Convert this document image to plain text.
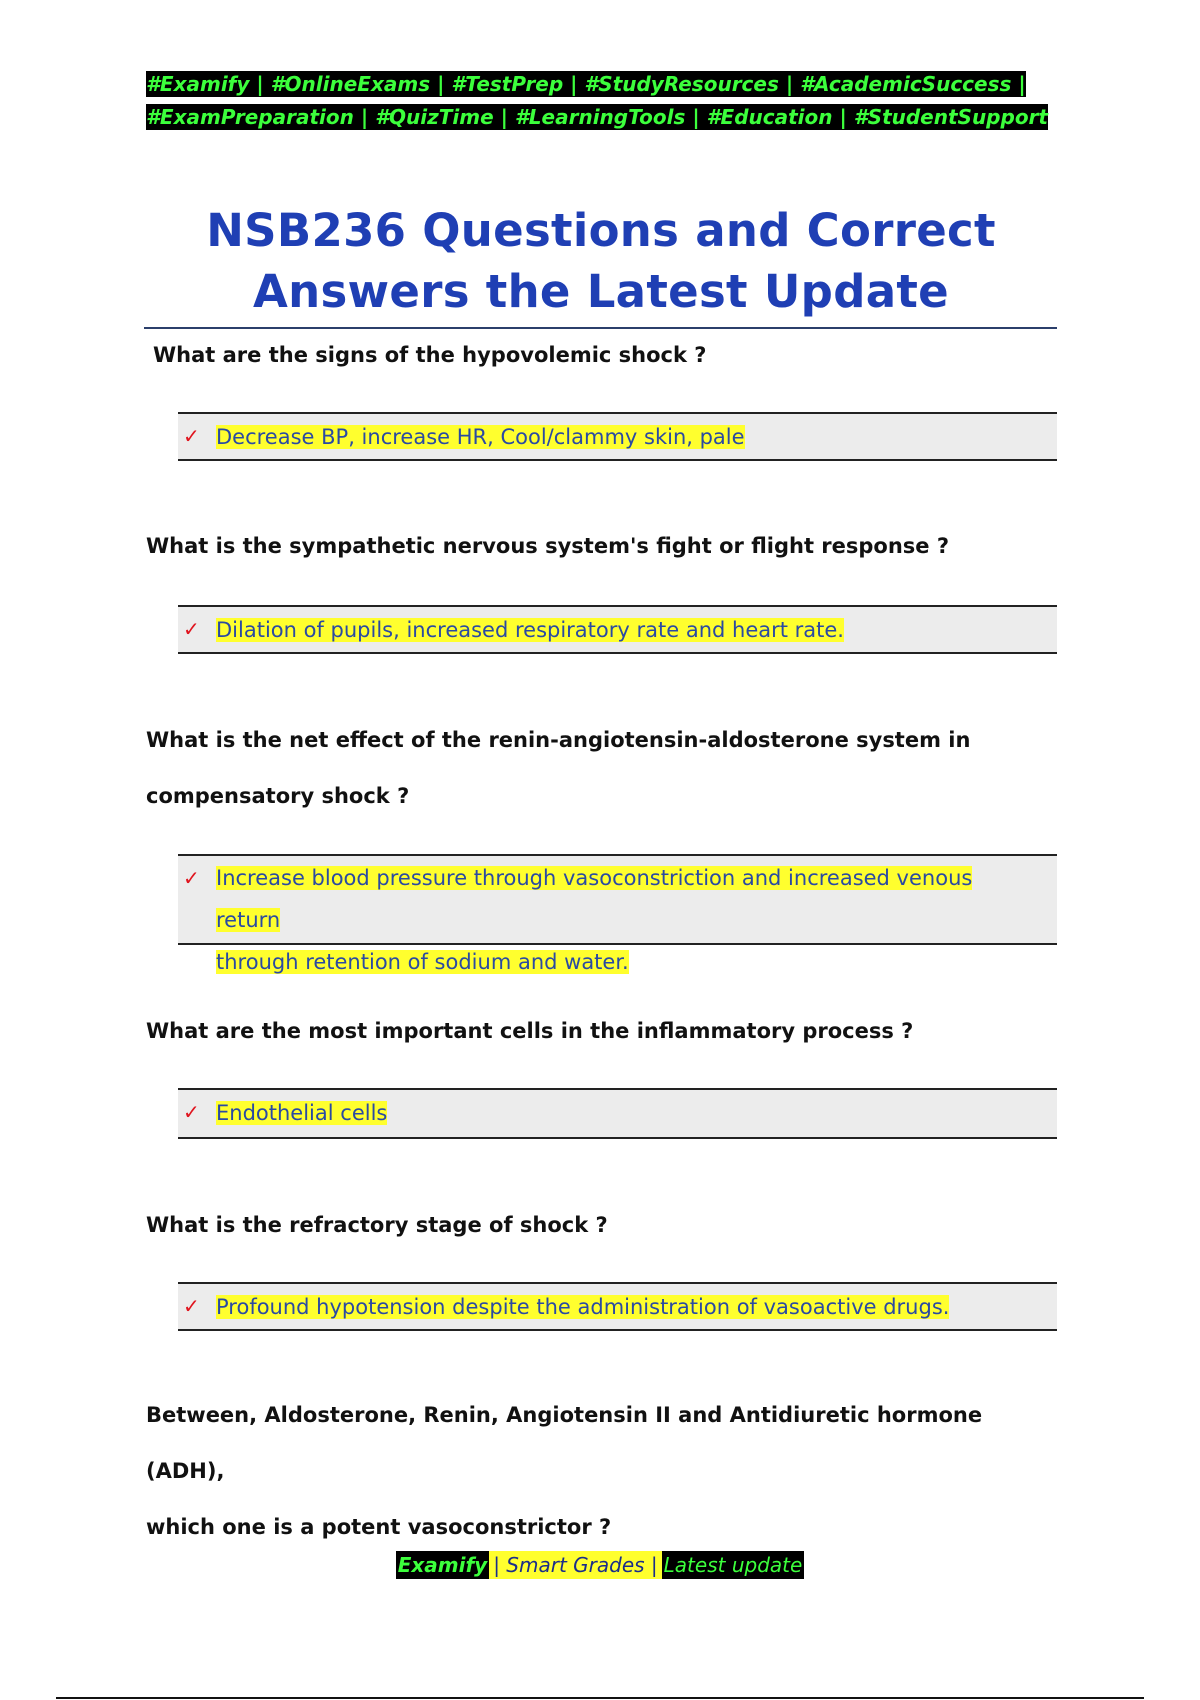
#Examify | #OnlineExams | #TestPrep | #StudyResources | #AcademicSuccess |
#ExamPreparation | #QuizTime | #LearningTools | #Education | #StudentSupport
NSB236 Questions and Correct
Answers the Latest Update
What are the signs of the hypovolemic shock ?
✓ Decrease BP, increase HR, Cool/clammy skin, pale
What is the sympathetic nervous system's fight or flight response ?
✓ Dilation of pupils, increased respiratory rate and heart rate.
What is the net effect of the renin-angiotensin-aldosterone system in
compensatory shock ?
✓ Increase blood pressure through vasoconstriction and increased venous return
through retention of sodium and water.
What are the most important cells in the inflammatory process ?
✓ Endothelial cells
What is the refractory stage of shock ?
✓ Profound hypotension despite the administration of vasoactive drugs.
Between, Aldosterone, Renin, Angiotensin II and Antidiuretic hormone (ADH),
which one is a potent vasoconstrictor ?
Examify | Smart Grades | Latest update
